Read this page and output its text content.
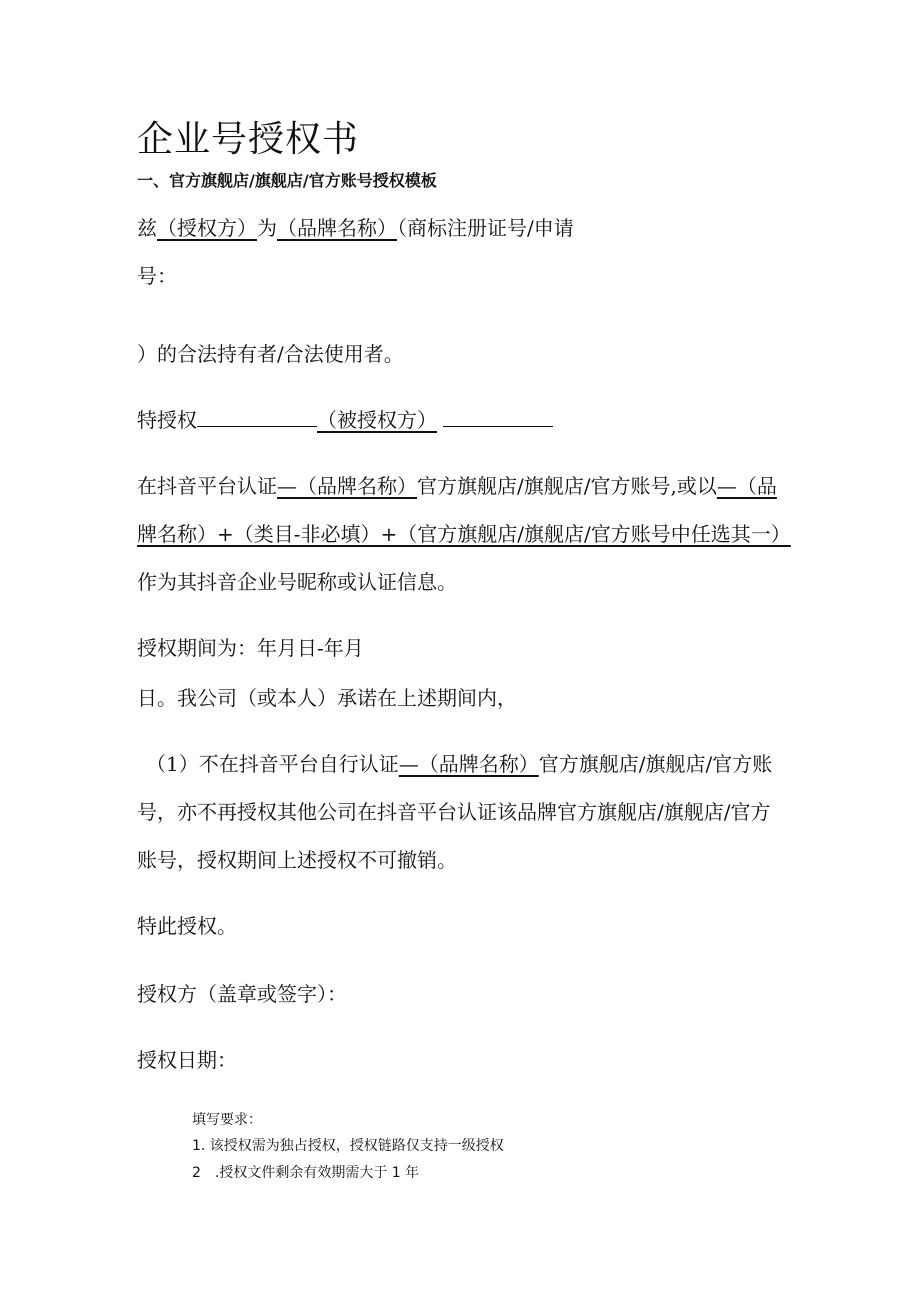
企业号授权书
一、官方旗舰店/旗舰店/官方账号授权模板
兹（授权方）为（品牌名称）（商标注册证号/申请
号：
）的合法持有者/合法使用者。
特授权	（被授权方）
在抖音平台认证—（品牌名称）官方旗舰店/旗舰店/官方账号,或以—（品
牌名称）+（类目-非必填）+（官方旗舰店/旗舰店/官方账号中任选其一）
作为其抖音企业号昵称或认证信息。
授权期间为：年月日-年月
日。我公司（或本人）承诺在上述期间内，
（1）不在抖音平台自行认证—（品牌名称）官方旗舰店/旗舰店/官方账
号，亦不再授权其他公司在抖音平台认证该品牌官方旗舰店/旗舰店/官方
账号，授权期间上述授权不可撤销。
特此授权。
授权方（盖章或签字）：
授权日期：
填写要求：
1. 该授权需为独占授权，授权链路仅支持一级授权
2　.授权文件剩余有效期需大于 1 年
